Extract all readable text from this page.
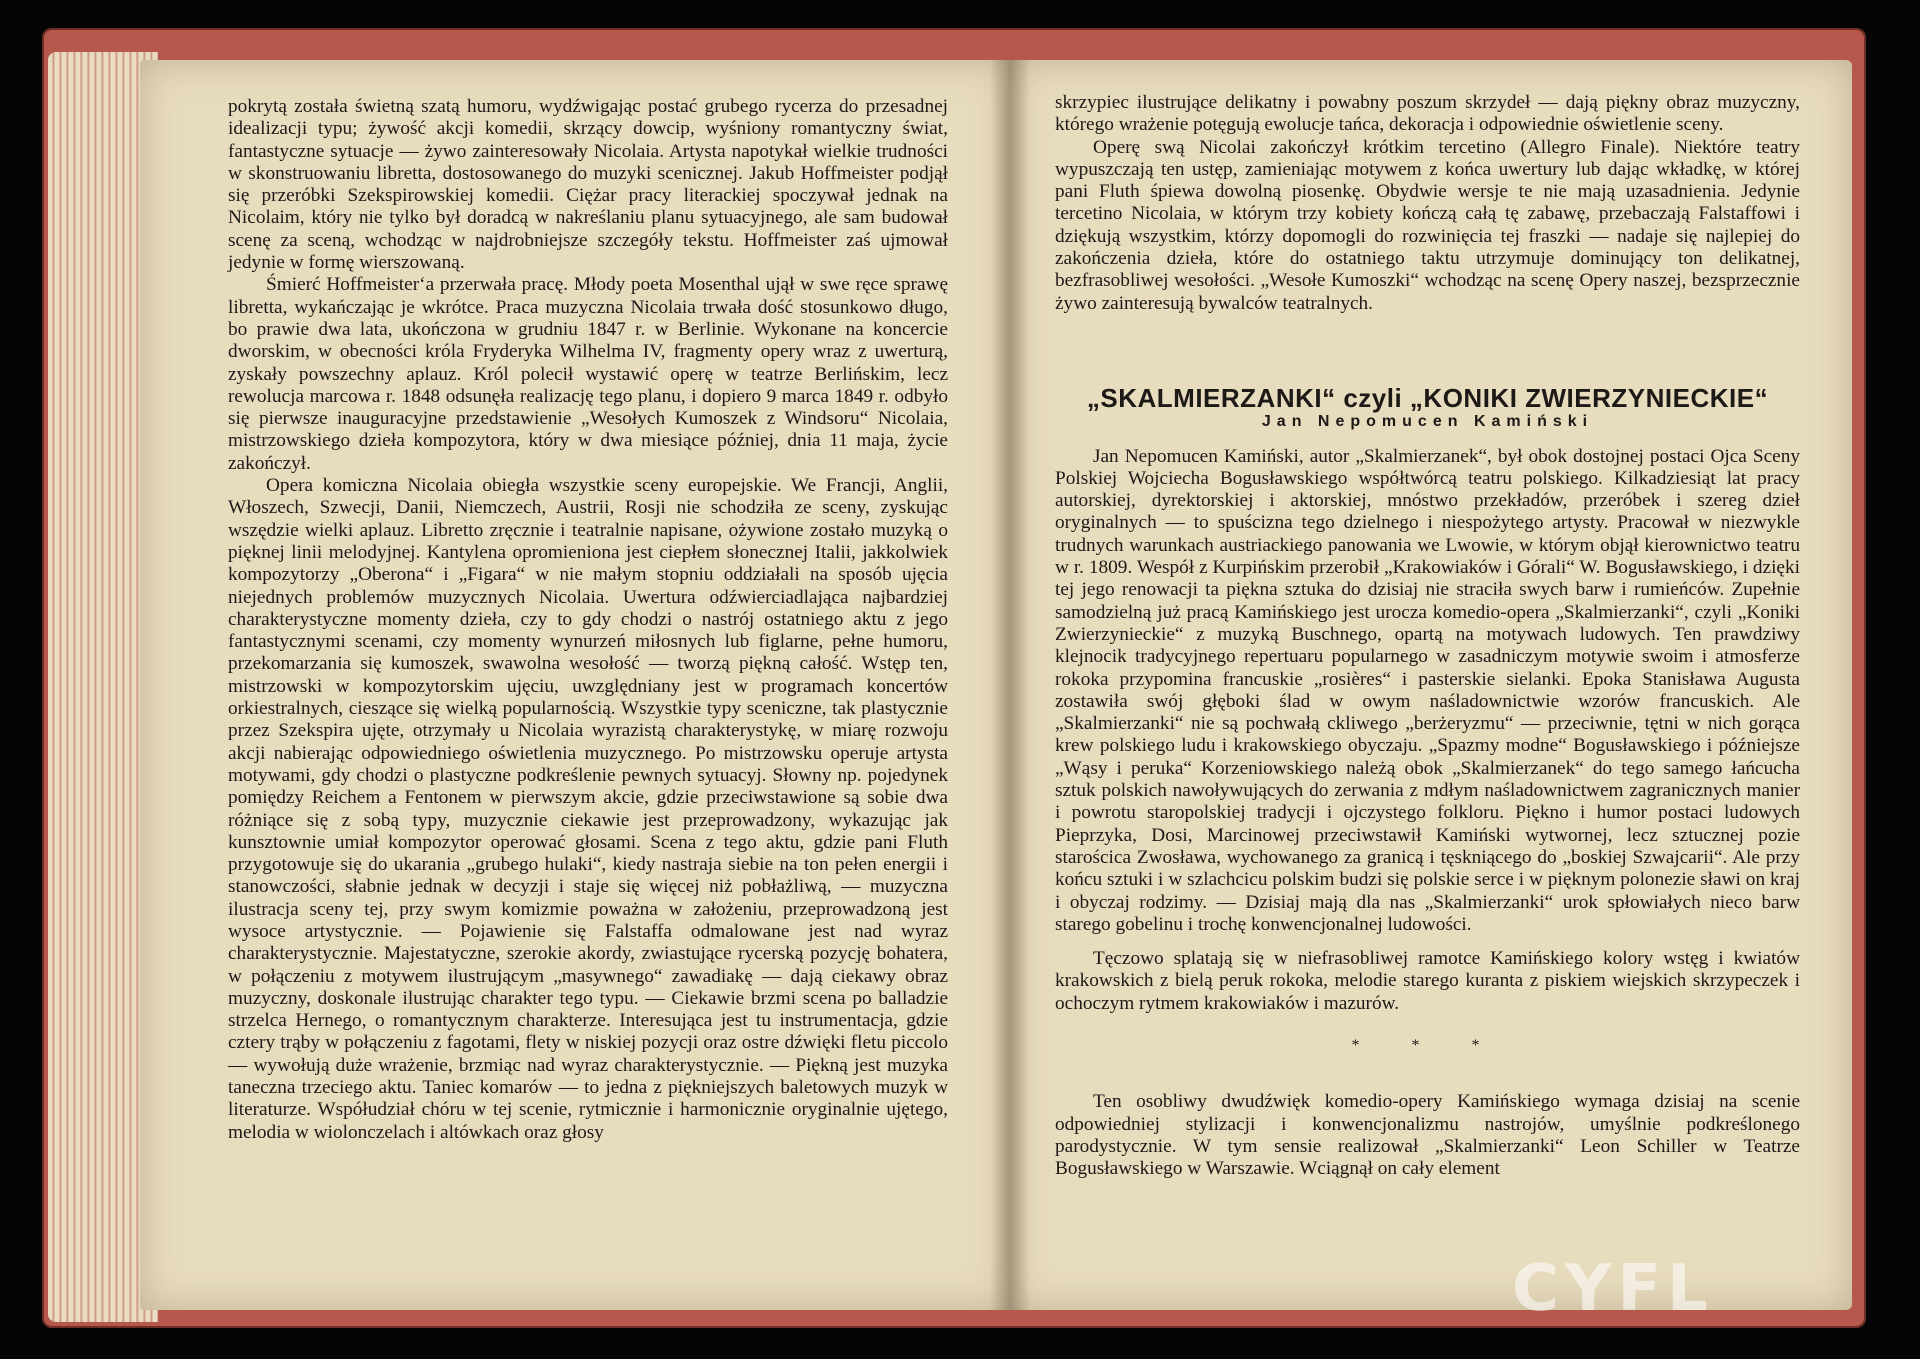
pokrytą została świetną szatą humoru, wydźwigając postać grubego rycerza do przesadnej idealizacji typu; żywość akcji komedii, skrzący dowcip, wyśniony romantyczny świat, fantastyczne sytuacje — żywo zainteresowały Nicolaia. Artysta napotykał wielkie trudności w skonstruowaniu libretta, dostosowanego do muzyki scenicznej. Jakub Hoffmeister podjął się przeróbki Szekspirowskiej komedii. Ciężar pracy literackiej spoczywał jednak na Nicolaim, który nie tylko był doradcą w nakreślaniu planu sytuacyjnego, ale sam budował scenę za sceną, wchodząc w najdrobniejsze szczegóły tekstu. Hoffmeister zaś ujmował jedynie w formę wierszowaną.

Śmierć Hoffmeister‘a przerwała pracę. Młody poeta Mosenthal ujął w swe ręce sprawę libretta, wykańczając je wkrótce. Praca muzyczna Nicolaia trwała dość stosunkowo długo, bo prawie dwa lata, ukończona w grudniu 1847 r. w Berlinie. Wykonane na koncercie dworskim, w obecności króla Fryderyka Wilhelma IV, fragmenty opery wraz z uwerturą, zyskały powszechny aplauz. Król polecił wystawić operę w teatrze Berlińskim, lecz rewolucja marcowa r. 1848 odsunęła realizację tego planu, i dopiero 9 marca 1849 r. odbyło się pierwsze inauguracyjne przedstawienie „Wesołych Kumoszek z Windsoru“ Nicolaia, mistrzowskiego dzieła kompozytora, który w dwa miesiące później, dnia 11 maja, życie zakończył.

Opera komiczna Nicolaia obiegła wszystkie sceny europejskie. We Francji, Anglii, Włoszech, Szwecji, Danii, Niemczech, Austrii, Rosji nie schodziła ze sceny, zyskując wszędzie wielki aplauz. Libretto zręcznie i teatralnie napisane, ożywione zostało muzyką o pięknej linii melodyjnej. Kantylena opromieniona jest ciepłem słonecznej Italii, jakkolwiek kompozytorzy „Oberona“ i „Figara“ w nie małym stopniu oddziałali na sposób ujęcia niejednych problemów muzycznych Nicolaia. Uwertura odźwierciadlająca najbardziej charakterystyczne momenty dzieła, czy to gdy chodzi o nastrój ostatniego aktu z jego fantastycznymi scenami, czy momenty wynurzeń miłosnych lub figlarne, pełne humoru, przekomarzania się kumoszek, swawolna wesołość — tworzą piękną całość. Wstęp ten, mistrzowski w kompozytorskim ujęciu, uwzględniany jest w programach koncertów orkiestralnych, cieszące się wielką popularnością. Wszystkie typy sceniczne, tak plastycznie przez Szekspira ujęte, otrzymały u Nicolaia wyrazistą charakterystykę, w miarę rozwoju akcji nabierając odpowiedniego oświetlenia muzycznego. Po mistrzowsku operuje artysta motywami, gdy chodzi o plastyczne podkreślenie pewnych sytuacyj. Słowny np. pojedynek pomiędzy Reichem a Fentonem w pierwszym akcie, gdzie przeciwstawione są sobie dwa różniące się z sobą typy, muzycznie ciekawie jest przeprowadzony, wykazując jak kunsztownie umiał kompozytor operować głosami. Scena z tego aktu, gdzie pani Fluth przygotowuje się do ukarania „grubego hulaki“, kiedy nastraja siebie na ton pełen energii i stanowczości, słabnie jednak w decyzji i staje się więcej niż pobłażliwą, — muzyczna ilustracja sceny tej, przy swym komizmie poważna w założeniu, przeprowadzoną jest wysoce artystycznie. — Pojawienie się Falstaffa odmalowane jest nad wyraz charakterystycznie. Majestatyczne, szerokie akordy, zwiastujące rycerską pozycję bohatera, w połączeniu z motywem ilustrującym „masywnego“ zawadiakę — dają ciekawy obraz muzyczny, doskonale ilustrując charakter tego typu. — Ciekawie brzmi scena po balladzie strzelca Hernego, o romantycznym charakterze. Interesująca jest tu instrumentacja, gdzie cztery trąby w połączeniu z fagotami, flety w niskiej pozycji oraz ostre dźwięki fletu piccolo — wywołują duże wrażenie, brzmiąc nad wyraz charakterystycznie. — Piękną jest muzyka taneczna trzeciego aktu. Taniec komarów — to jedna z piękniejszych baletowych muzyk w literaturze. Współudział chóru w tej scenie, rytmicznie i harmonicznie oryginalnie ujętego, melodia w wiolonczelach i altówkach oraz głosy

skrzypiec ilustrujące delikatny i powabny poszum skrzydeł — dają piękny obraz muzyczny, którego wrażenie potęgują ewolucje tańca, dekoracja i odpowiednie oświetlenie sceny.

Operę swą Nicolai zakończył krótkim tercetino (Allegro Finale). Niektóre teatry wypuszczają ten ustęp, zamieniając motywem z końca uwertury lub dając wkładkę, w której pani Fluth śpiewa dowolną piosenkę. Obydwie wersje te nie mają uzasadnienia. Jedynie tercetino Nicolaia, w którym trzy kobiety kończą całą tę zabawę, przebaczają Falstaffowi i dziękują wszystkim, którzy dopomogli do rozwinięcia tej fraszki — nadaje się najlepiej do zakończenia dzieła, które do ostatniego taktu utrzymuje dominujący ton delikatnej, bezfrasobliwej wesołości. „Wesołe Kumoszki“ wchodząc na scenę Opery naszej, bezsprzecznie żywo zainteresują bywalców teatralnych.

„SKALMIERZANKI“ czyli „KONIKI ZWIERZYNIECKIE“
Jan Nepomucen Kamiński

Jan Nepomucen Kamiński, autor „Skalmierzanek“, był obok dostojnej postaci Ojca Sceny Polskiej Wojciecha Bogusławskiego współtwórcą teatru polskiego. Kilkadziesiąt lat pracy autorskiej, dyrektorskiej i aktorskiej, mnóstwo przekładów, przeróbek i szereg dzieł oryginalnych — to spuścizna tego dzielnego i niespożytego artysty. Pracował w niezwykle trudnych warunkach austriackiego panowania we Lwowie, w którym objął kierownictwo teatru w r. 1809. Wespół z Kurpińskim przerobił „Krakowiaków i Górali“ W. Bogusławskiego, i dzięki tej jego renowacji ta piękna sztuka do dzisiaj nie straciła swych barw i rumieńców. Zupełnie samodzielną już pracą Kamińskiego jest urocza komedio-opera „Skalmierzanki“, czyli „Koniki Zwierzynieckie“ z muzyką Buschnego, opartą na motywach ludowych. Ten prawdziwy klejnocik tradycyjnego repertuaru popularnego w zasadniczym motywie swoim i atmosferze rokoka przypomina francuskie „rosières“ i pasterskie sielanki. Epoka Stanisława Augusta zostawiła swój głęboki ślad w owym naśladownictwie wzorów francuskich. Ale „Skalmierzanki“ nie są pochwałą ckliwego „berżeryzmu“ — przeciwnie, tętni w nich gorąca krew polskiego ludu i krakowskiego obyczaju. „Spazmy modne“ Bogusławskiego i późniejsze „Wąsy i peruka“ Korzeniowskiego należą obok „Skalmierzanek“ do tego samego łańcucha sztuk polskich nawoływujących do zerwania z mdłym naśladownictwem zagranicznych manier i powrotu staropolskiej tradycji i ojczystego folkloru. Piękno i humor postaci ludowych Pieprzyka, Dosi, Marcinowej przeciwstawił Kamiński wytwornej, lecz sztucznej pozie starościca Zwosława, wychowanego za granicą i tęskniącego do „boskiej Szwajcarii“. Ale przy końcu sztuki i w szlachcicu polskim budzi się polskie serce i w pięknym polonezie sławi on kraj i obyczaj rodzimy. — Dzisiaj mają dla nas „Skalmierzanki“ urok spłowiałych nieco barw starego gobelinu i trochę konwencjonalnej ludowości.

Tęczowo splatają się w niefrasobliwej ramotce Kamińskiego kolory wstęg i kwiatów krakowskich z bielą peruk rokoka, melodie starego kuranta z piskiem wiejskich skrzypeczek i ochoczym rytmem krakowiaków i mazurów.

* * *

Ten osobliwy dwudźwięk komedio-opery Kamińskiego wymaga dzisiaj na scenie odpowiedniej stylizacji i konwencjonalizmu nastrojów, umyślnie podkreślonego parodystycznie. W tym sensie realizował „Skalmierzanki“ Leon Schiller w Teatrze Bogusławskiego w Warszawie. Wciągnął on cały element

CYFL
